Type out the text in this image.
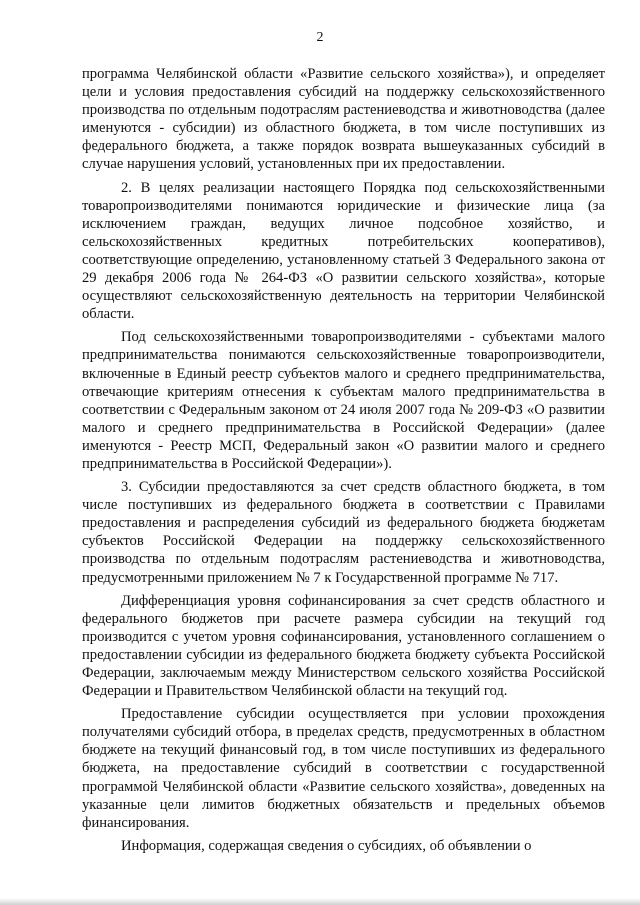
2

программа Челябинской области «Развитие сельского хозяйства»), и определяет цели и условия предоставления субсидий на поддержку сельскохозяйственного производства по отдельным подотраслям растениеводства и животноводства (далее именуются - субсидии) из областного бюджета, в том числе поступивших из федерального бюджета, а также порядок возврата вышеуказанных субсидий в случае нарушения условий, установленных при их предоставлении.

2. В целях реализации настоящего Порядка под сельскохозяйственными товаропроизводителями понимаются юридические и физические лица (за исключением граждан, ведущих личное подсобное хозяйство, и сельскохозяйственных кредитных потребительских кооперативов), соответствующие определению, установленному статьей 3 Федерального закона от 29 декабря 2006 года № 264-ФЗ «О развитии сельского хозяйства», которые осуществляют сельскохозяйственную деятельность на территории Челябинской области.

Под сельскохозяйственными товаропроизводителями - субъектами малого предпринимательства понимаются сельскохозяйственные товаропроизводители, включенные в Единый реестр субъектов малого и среднего предпринимательства, отвечающие критериям отнесения к субъектам малого предпринимательства в соответствии с Федеральным законом от 24 июля 2007 года № 209-ФЗ «О развитии малого и среднего предпринимательства в Российской Федерации» (далее именуются - Реестр МСП, Федеральный закон «О развитии малого и среднего предпринимательства в Российской Федерации»).

3. Субсидии предоставляются за счет средств областного бюджета, в том числе поступивших из федерального бюджета в соответствии с Правилами предоставления и распределения субсидий из федерального бюджета бюджетам субъектов Российской Федерации на поддержку сельскохозяйственного производства по отдельным подотраслям растениеводства и животноводства, предусмотренными приложением № 7 к Государственной программе № 717.

Дифференциация уровня софинансирования за счет средств областного и федерального бюджетов при расчете размера субсидии на текущий год производится с учетом уровня софинансирования, установленного соглашением о предоставлении субсидии из федерального бюджета бюджету субъекта Российской Федерации, заключаемым между Министерством сельского хозяйства Российской Федерации и Правительством Челябинской области на текущий год.

Предоставление субсидии осуществляется при условии прохождения получателями субсидий отбора, в пределах средств, предусмотренных в областном бюджете на текущий финансовый год, в том числе поступивших из федерального бюджета, на предоставление субсидий в соответствии с государственной программой Челябинской области «Развитие сельского хозяйства», доведенных на указанные цели лимитов бюджетных обязательств и предельных объемов финансирования.

Информация, содержащая сведения о субсидиях, об объявлении о
